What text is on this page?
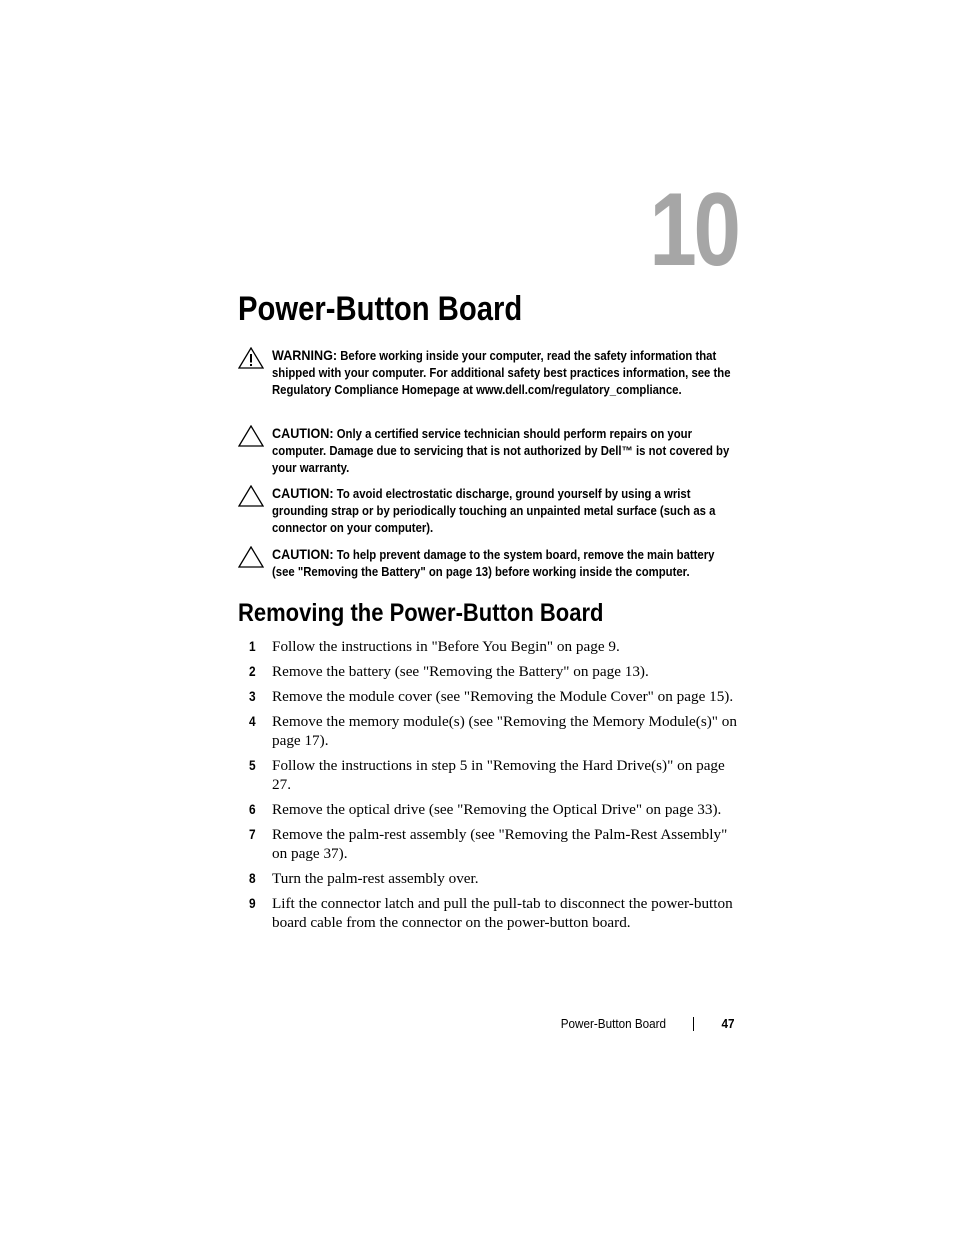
10
Power-Button Board
WARNING: Before working inside your computer, read the safety information that shipped with your computer. For additional safety best practices information, see the Regulatory Compliance Homepage at www.dell.com/regulatory_compliance.
CAUTION: Only a certified service technician should perform repairs on your computer. Damage due to servicing that is not authorized by Dell™ is not covered by your warranty.
CAUTION: To avoid electrostatic discharge, ground yourself by using a wrist grounding strap or by periodically touching an unpainted metal surface (such as a connector on your computer).
CAUTION: To help prevent damage to the system board, remove the main battery (see "Removing the Battery" on page 13) before working inside the computer.
Removing the Power-Button Board
1 Follow the instructions in "Before You Begin" on page 9.
2 Remove the battery (see "Removing the Battery" on page 13).
3 Remove the module cover (see "Removing the Module Cover" on page 15).
4 Remove the memory module(s) (see "Removing the Memory Module(s)" on page 17).
5 Follow the instructions in step 5 in "Removing the Hard Drive(s)" on page 27.
6 Remove the optical drive (see "Removing the Optical Drive" on page 33).
7 Remove the palm-rest assembly (see "Removing the Palm-Rest Assembly" on page 37).
8 Turn the palm-rest assembly over.
9 Lift the connector latch and pull the pull-tab to disconnect the power-button board cable from the connector on the power-button board.
Power-Button Board	47
